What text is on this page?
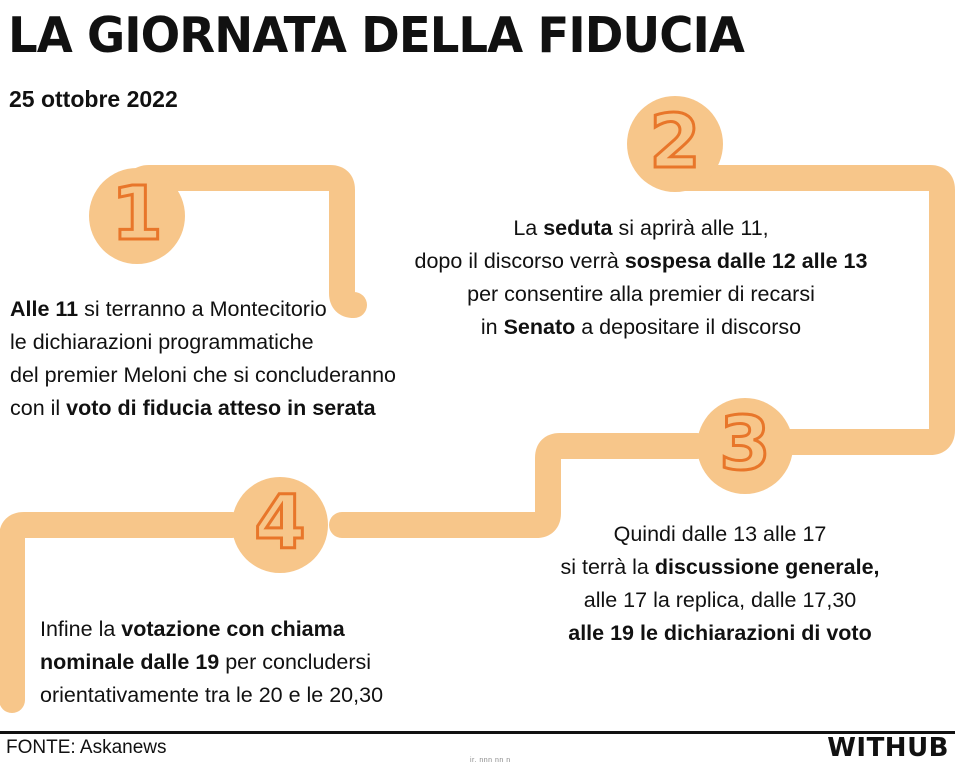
LA GIORNATA DELLA FIDUCIA
25 ottobre 2022
1
2
3
4
Alle 11 si terranno a Montecitorio
le dichiarazioni programmatiche
del premier Meloni che si concluderanno
con il voto di fiducia atteso in serata
La seduta si aprirà alle 11,
dopo il discorso verrà sospesa dalle 12 alle 13
per consentire alla premier di recarsi
in Senato a depositare il discorso
Quindi dalle 13 alle 17
si terrà la discussione generale,
alle 17 la replica, dalle 17,30
alle 19 le dichiarazioni di voto
Infine la votazione con chiama
nominale dalle 19 per concludersi
orientativamente tra le 20 e le 20,30
FONTE: Askanews	WITHUB
ir. nnn nn n
